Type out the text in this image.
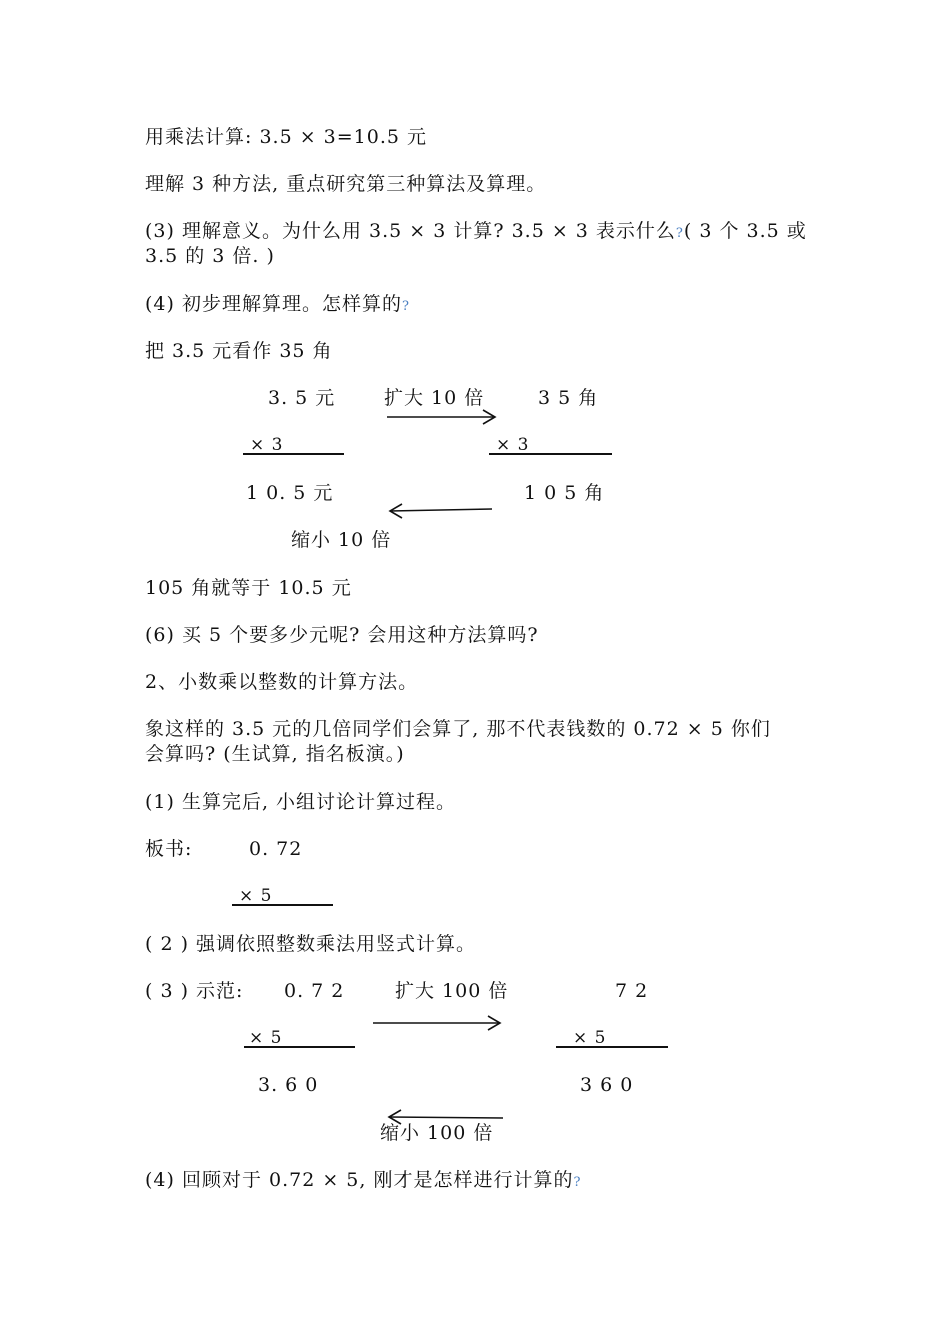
用乘法计算: 3.5 × 3=10.5 元
理解 3 种方法, 重点研究第三种算法及算理。
(3) 理解意义。为什么用 3.5 × 3 计算? 3.5 × 3 表示什么?( 3 个 3.5 或
3.5 的 3 倍. )
(4) 初步理解算理。怎样算的?
把 3.5 元看作 35 角
3. 5 元	扩大 10 倍	3 5 角
× 3	× 3
1 0. 5 元	1 0 5 角
缩小 10 倍
105 角就等于 10.5 元
(6) 买 5 个要多少元呢? 会用这种方法算吗?
2、小数乘以整数的计算方法。
象这样的 3.5 元的几倍同学们会算了, 那不代表钱数的 0.72 × 5 你们
会算吗? (生试算, 指名板演。)
(1) 生算完后, 小组讨论计算过程。
板书:	0. 72
× 5
( 2 ) 强调依照整数乘法用竖式计算。
( 3 ) 示范: 0. 7 2	扩大 100 倍	7 2
× 5	× 5
3. 6 0	3 6 0
缩小 100 倍
(4) 回顾对于 0.72 × 5, 刚才是怎样进行计算的?
